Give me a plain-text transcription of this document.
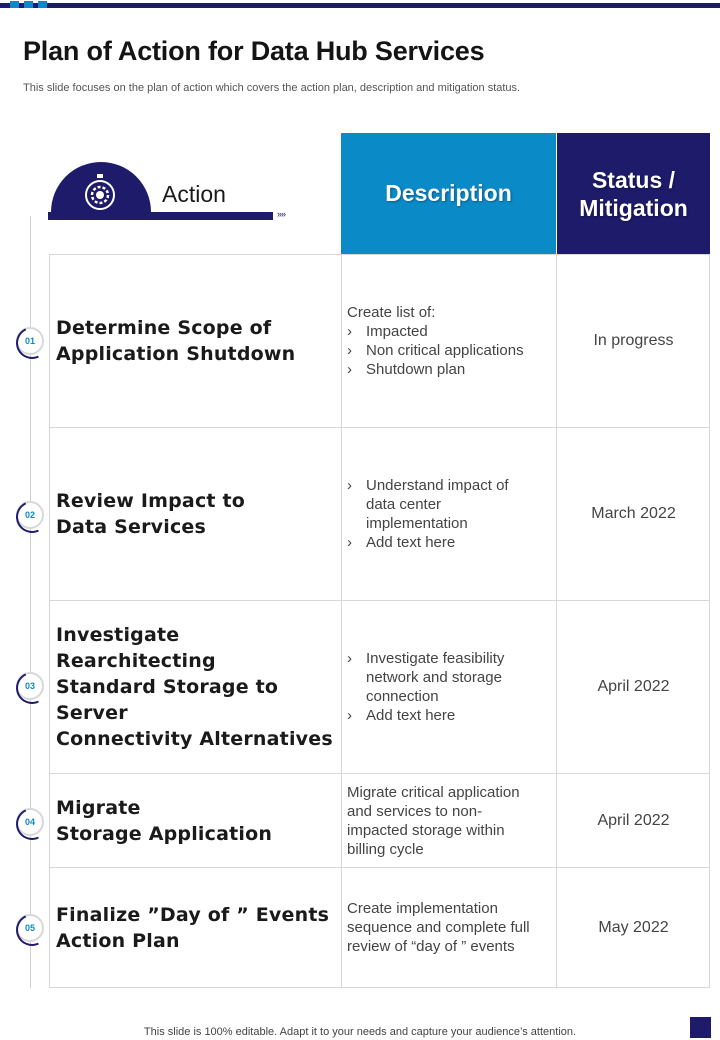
Plan of Action for Data Hub Services

This slide focuses on the plan of action which covers the action plan, description and mitigation status.

Description
Status /
Mitigation
Action
››››
Determine Scope of
Application Shutdown
Create list of:
› Impacted
› Non critical applications
› Shutdown plan
In progress
Review Impact to
Data Services
› Understand impact of
data center
implementation
› Add text here
March 2022
Investigate Rearchitecting
Standard Storage to Server
Connectivity Alternatives
› Investigate feasibility
network and storage
connection
› Add text here
April 2022
Migrate
Storage Application
Migrate critical application
and services to non-
impacted storage within
billing cycle
April 2022
Finalize ”Day of ” Events
Action Plan
Create implementation
sequence and complete full
review of “day of ” events
May 2022
01
02
03
04
05
This slide is 100% editable. Adapt it to your needs and capture your audience’s attention.
